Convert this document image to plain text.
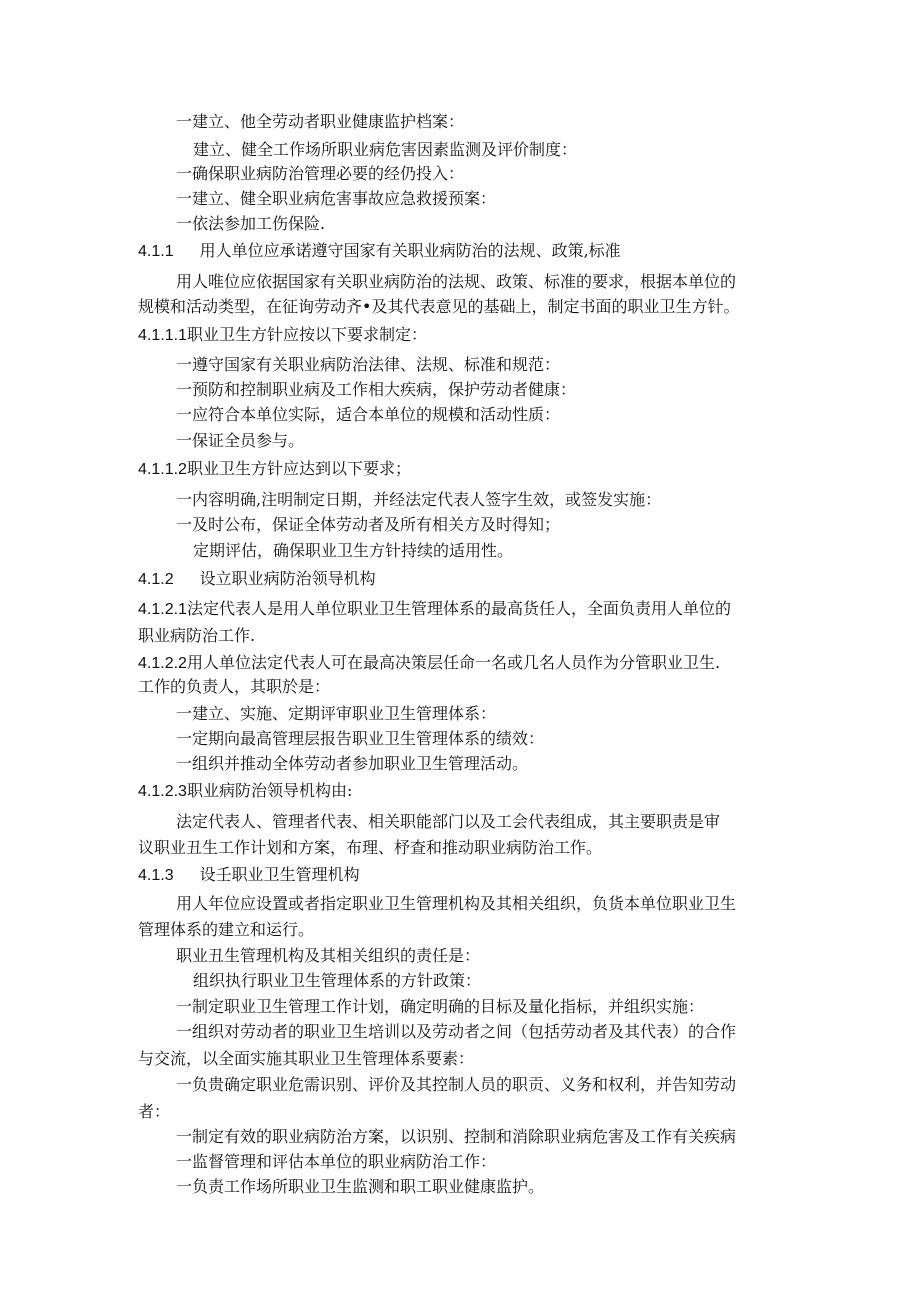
一建立、他全劳动者职业健康监护档案：
建立、健全工作场所职业病危害因素监测及评价制度：
一确保职业病防治管理必要的经仍投入：
一建立、健全职业病危害事故应急救援预案：
一依法参加工伤保险.
4.1.1 用人单位应承诺遵守国家有关职业病防治的法规、政策,标准
用人唯位应依据国家有关职业病防治的法规、政策、标准的要求，根据本单位的
规模和活动类型，在征询劳动齐•及其代表意见的基础上，制定书面的职业卫生方针。
4.1.1.1职业卫生方针应按以下要求制定：
一遵守国家有关职业病防治法律、法规、标准和规范：
一预防和控制职业病及工作相大疾病，保护劳动者健康：
一应符合本单位实际，适合本单位的规模和活动性质：
一保证全员参与。
4.1.1.2职业卫生方针应达到以下要求；
一内容明确,注明制定日期，并经法定代表人签字生效，或签发实施：
一及时公布，保证全体劳动者及所有相关方及时得知；
定期评估，确保职业卫生方针持续的适用性。
4.1.2 设立职业病防治领导机构
4.1.2.1法定代表人是用人单位职业卫生管理体系的最高货任人，全面负责用人单位的
职业病防治工作.
4.1.2.2用人单位法定代表人可在最高决策层任命一名或几名人员作为分管职业卫生.
工作的负责人，其职於是：
一建立、实施、定期评审职业卫生管理体系：
一定期向最高管理层报告职业卫生管理体系的绩效：
一组织并推动全体劳动者参加职业卫生管理活动。
4.1.2.3职业病防治领导机构由:
法定代表人、管理者代表、相关职能部门以及工会代表组成，其主要职责是审
议职业丑生工作计划和方案，布理、杼查和推动职业病防治工作。
4.1.3 设壬职业卫生管理机构
用人年位应设置或者指定职业卫生管理机构及其相关组织，负货本单位职业卫生
管理体系的建立和运行。
职业丑生管理机构及其相关组织的责任是：
组织执行职业卫生管理体系的方针政策：
一制定职业卫生管理工作计划，确定明确的目标及量化指标，并组织实施：
一组织对劳动者的职业卫生培训以及劳动者之间（包括劳动者及其代表）的合作
与交流，以全面实施其职业卫生管理体系要素：
一负贵确定职业危需识别、评价及其控制人员的职贡、义务和权利，并告知劳动
者：
一制定有效的职业病防治方案，以识别、控制和消除职业病危害及工作有关疾病
一监督管理和评估本单位的职业病防治工作：
一负责工作场所职业卫生监测和职工职业健康监护。
